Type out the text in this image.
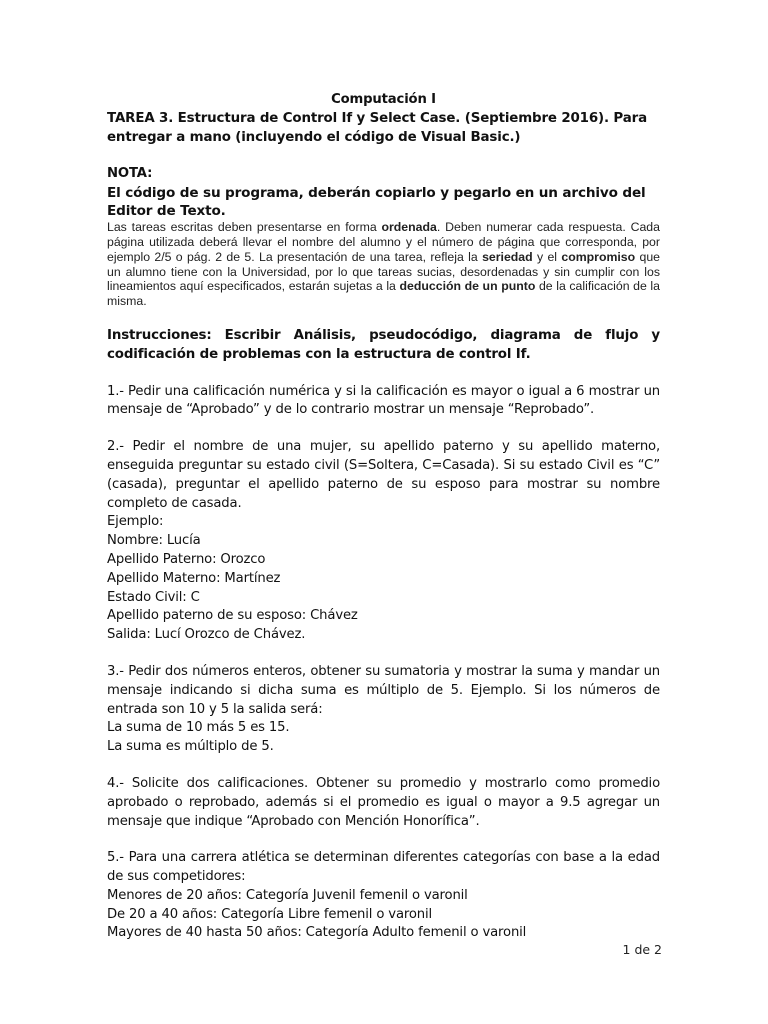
Computación I

TAREA 3. Estructura de Control If y Select Case. (Septiembre 2016). Para entregar a mano (incluyendo el código de Visual Basic.)

NOTA:
El código de su programa, deberán copiarlo y pegarlo en un archivo del Editor de Texto.
Las tareas escritas deben presentarse en forma ordenada. Deben numerar cada respuesta. Cada página utilizada deberá llevar el nombre del alumno y el número de página que corresponda, por ejemplo 2/5 o pág. 2 de 5. La presentación de una tarea, refleja la seriedad y el compromiso que un alumno tiene con la Universidad, por lo que tareas sucias, desordenadas y sin cumplir con los lineamientos aquí especificados, estarán sujetas a la deducción de un punto de la calificación de la misma.
Instrucciones: Escribir Análisis, pseudocódigo, diagrama de flujo y codificación de problemas con la estructura de control If.
1.- Pedir una calificación numérica y si la calificación es mayor o igual a 6 mostrar un mensaje de “Aprobado” y de lo contrario mostrar un mensaje “Reprobado”.
2.- Pedir el nombre de una mujer, su apellido paterno y su apellido materno, enseguida preguntar su estado civil (S=Soltera, C=Casada). Si su estado Civil es “C” (casada), preguntar el apellido paterno de su esposo para mostrar su nombre completo de casada.
Ejemplo:
Nombre: Lucía
Apellido Paterno: Orozco
Apellido Materno: Martínez
Estado Civil: C
Apellido paterno de su esposo: Chávez
Salida: Lucí Orozco de Chávez.
3.- Pedir dos números enteros, obtener su sumatoria y mostrar la suma y mandar un mensaje indicando si dicha suma es múltiplo de 5. Ejemplo. Si los números de entrada son 10 y 5 la salida será:
La suma de 10 más 5 es 15.
La suma es múltiplo de 5.
4.- Solicite dos calificaciones. Obtener su promedio y mostrarlo como promedio aprobado o reprobado, además si el promedio es igual o mayor a 9.5 agregar un mensaje que indique “Aprobado con Mención Honorífica”.
5.- Para una carrera atlética se determinan diferentes categorías con base a la edad de sus competidores:
Menores de 20 años: Categoría Juvenil femenil o varonil
De 20 a 40 años: Categoría Libre femenil o varonil
Mayores de 40 hasta 50 años: Categoría Adulto femenil o varonil
1 de 2
